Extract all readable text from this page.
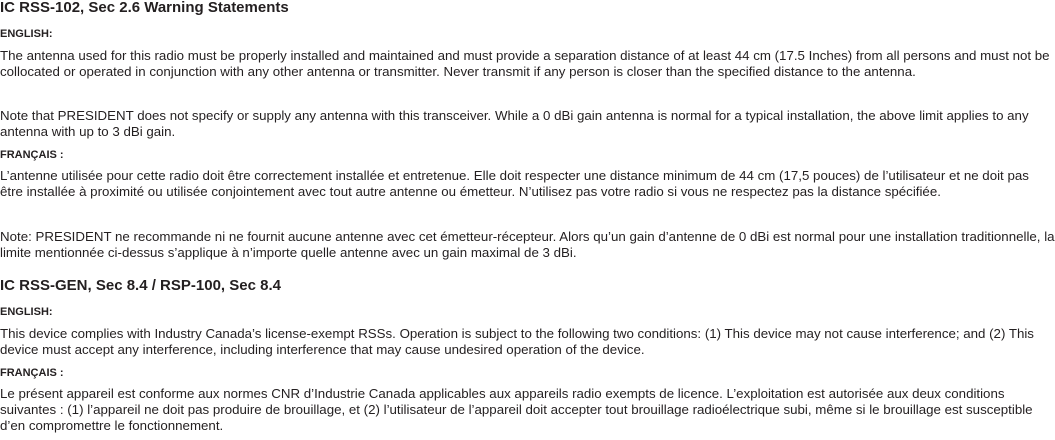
IC RSS-102, Sec 2.6 Warning Statements

ENGLISH:

The antenna used for this radio must be properly installed and maintained and must provide a separation distance of at least 44 cm (17.5 Inches) from all persons and must not be collocated or operated in conjunction with any other antenna or transmitter. Never transmit if any person is closer than the specified distance to the antenna.

Note that PRESIDENT does not specify or supply any antenna with this transceiver. While a 0 dBi gain antenna is normal for a typical installation, the above limit applies to any antenna with up to 3 dBi gain.

FRANÇAIS :

L’antenne utilisée pour cette radio doit être correctement installée et entretenue. Elle doit respecter une distance minimum de 44 cm (17,5 pouces) de l’utilisateur et ne doit pas être installée à proximité ou utilisée conjointement avec tout autre antenne ou émetteur. N’utilisez pas votre radio si vous ne respectez pas la distance spécifiée.

Note: PRESIDENT ne recommande ni ne fournit aucune antenne avec cet émetteur-récepteur. Alors qu’un gain d’antenne de 0 dBi est normal pour une installation traditionnelle, la limite mentionnée ci-dessus s’applique à n’importe quelle antenne avec un gain maximal de 3 dBi.

IC RSS-GEN, Sec 8.4 / RSP-100, Sec 8.4

ENGLISH:

This device complies with Industry Canada’s license-exempt RSSs. Operation is subject to the following two conditions: (1) This device may not cause interference; and (2) This device must accept any interference, including interference that may cause undesired operation of the device.

FRANÇAIS :

Le présent appareil est conforme aux normes CNR d’Industrie Canada applicables aux appareils radio exempts de licence. L’exploitation est autorisée aux deux conditions suivantes : (1) l’appareil ne doit pas produire de brouillage, et (2) l’utilisateur de l’appareil doit accepter tout brouillage radioélectrique subi, même si le brouillage est susceptible d’en compromettre le fonctionnement.
